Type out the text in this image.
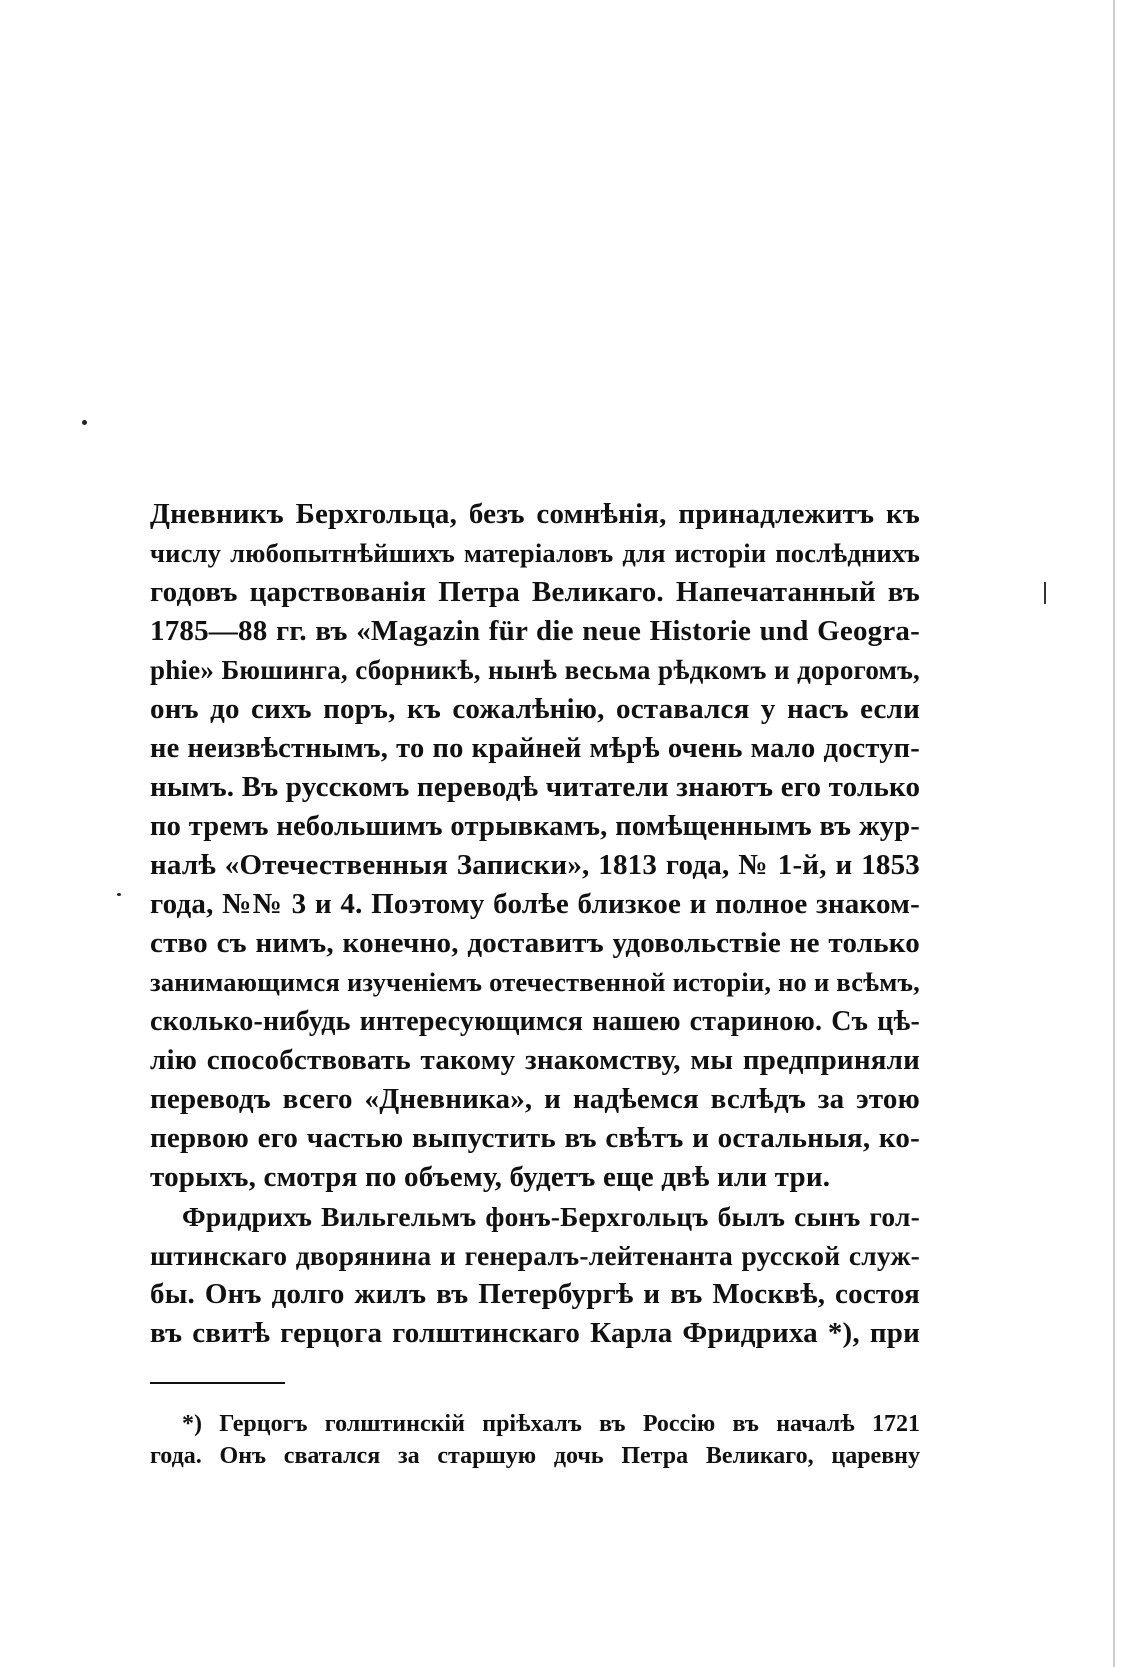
Дневникъ Берхгольца, безъ сомнѣнія, принадлежитъ къ
числу любопытнѣйшихъ матеріаловъ для исторіи послѣднихъ
годовъ царствованія Петра Великаго. Напечатанный въ
1785—88 гг. въ «Magazin für die neue Historie und Geogra-
phie» Бюшинга, сборникѣ, нынѣ весьма рѣдкомъ и дорогомъ,
онъ до сихъ поръ, къ сожалѣнію, оставался у насъ если
не неизвѣстнымъ, то по крайней мѣрѣ очень мало доступ-
нымъ. Въ русскомъ переводѣ читатели знаютъ его только
по тремъ небольшимъ отрывкамъ, помѣщеннымъ въ жур-
налѣ «Отечественныя Записки», 1813 года, № 1-й, и 1853
года, №№ 3 и 4. Поэтому болѣе близкое и полное знаком-
ство съ нимъ, конечно, доставитъ удовольствіе не только
занимающимся изученіемъ отечественной исторіи, но и всѣмъ,
сколько-нибудь интересующимся нашею стариною. Съ цѣ-
лію способствовать такому знакомству, мы предприняли
переводъ всего «Дневника», и надѣемся вслѣдъ за этою
первою его частью выпустить въ свѣтъ и остальныя, ко-
торыхъ, смотря по объему, будетъ еще двѣ или три.
Фридрихъ Вильгельмъ фонъ-Берхгольцъ былъ сынъ гол-
штинскаго дворянина и генералъ-лейтенанта русской служ-
бы. Онъ долго жилъ въ Петербургѣ и въ Москвѣ, состоя
въ свитѣ герцога голштинскаго Карла Фридриха *), при
*) Герцогъ голштинскій пріѣхалъ въ Россію въ началѣ 1721
года. Онъ сватался за старшую дочь Петра Великаго, царевну
